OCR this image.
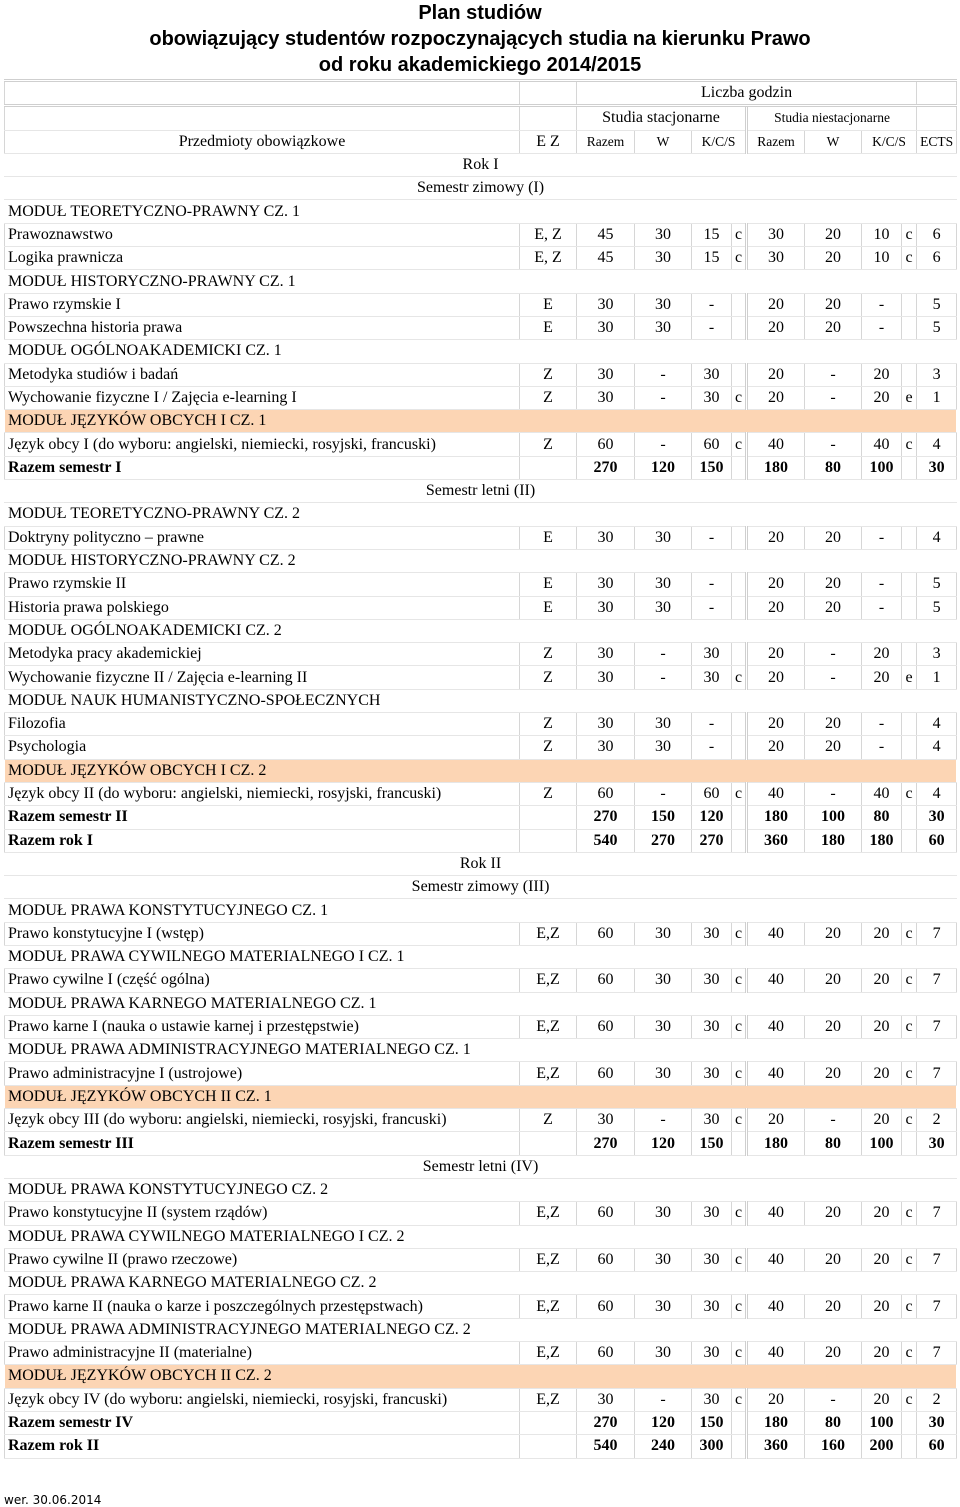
Plan studiów
obowiązujący studentów rozpoczynających studia na kierunku Prawo
od roku akademickiego 2014/2015
		Liczba godzin								
		Studia stacjonarne				Studia niestacjonarne				
Przedmioty obowiązkowe	E Z	Razem	W	K/C/S		Razem	W	K/C/S		ECTS
Rok I										
Semestr zimowy (I)										
MODUŁ TEORETYCZNO-PRAWNY CZ. 1										
Prawoznawstwo	E, Z	45	30	15	c	30	20	10	c	6
Logika prawnicza	E, Z	45	30	15	c	30	20	10	c	6
MODUŁ HISTORYCZNO-PRAWNY CZ. 1										
Prawo rzymskie I	E	30	30	-		20	20	-		5
Powszechna historia prawa	E	30	30	-		20	20	-		5
MODUŁ OGÓLNOAKADEMICKI CZ. 1										
Metodyka studiów i badań	Z	30	-	30		20	-	20		3
Wychowanie fizyczne I / Zajęcia e-learning I	Z	30	-	30	c	20	-	20	e	1
MODUŁ JĘZYKÓW OBCYCH I CZ. 1										
Język obcy I (do wyboru: angielski, niemiecki, rosyjski, francuski)	Z	60	-	60	c	40	-	40	c	4
Razem semestr I		270	120	150		180	80	100		30
Semestr letni (II)										
MODUŁ TEORETYCZNO-PRAWNY CZ. 2										
Doktryny polityczno – prawne	E	30	30	-		20	20	-		4
MODUŁ HISTORYCZNO-PRAWNY CZ. 2										
Prawo rzymskie II	E	30	30	-		20	20	-		5
Historia prawa polskiego	E	30	30	-		20	20	-		5
MODUŁ OGÓLNOAKADEMICKI CZ. 2										
Metodyka pracy akademickiej	Z	30	-	30		20	-	20		3
Wychowanie fizyczne II / Zajęcia e-learning II	Z	30	-	30	c	20	-	20	e	1
MODUŁ NAUK HUMANISTYCZNO-SPOŁECZNYCH										
Filozofia	Z	30	30	-		20	20	-		4
Psychologia	Z	30	30	-		20	20	-		4
MODUŁ JĘZYKÓW OBCYCH I CZ. 2										
Język obcy II (do wyboru: angielski, niemiecki, rosyjski, francuski)	Z	60	-	60	c	40	-	40	c	4
Razem semestr II		270	150	120		180	100	80		30
Razem rok I		540	270	270		360	180	180		60
Rok II										
Semestr zimowy (III)										
MODUŁ PRAWA KONSTYTUCYJNEGO CZ. 1										
Prawo konstytucyjne I (wstęp)	E,Z	60	30	30	c	40	20	20	c	7
MODUŁ PRAWA CYWILNEGO MATERIALNEGO I CZ. 1										
Prawo cywilne I (część ogólna)	E,Z	60	30	30	c	40	20	20	c	7
MODUŁ PRAWA KARNEGO MATERIALNEGO CZ. 1										
Prawo karne I (nauka o ustawie karnej i przestępstwie)	E,Z	60	30	30	c	40	20	20	c	7
MODUŁ PRAWA ADMINISTRACYJNEGO MATERIALNEGO CZ. 1										
Prawo administracyjne I (ustrojowe)	E,Z	60	30	30	c	40	20	20	c	7
MODUŁ JĘZYKÓW OBCYCH II CZ. 1										
Język obcy III (do wyboru: angielski, niemiecki, rosyjski, francuski)	Z	30	-	30	c	20	-	20	c	2
Razem semestr III		270	120	150		180	80	100		30
Semestr letni (IV)										
MODUŁ PRAWA KONSTYTUCYJNEGO CZ. 2										
Prawo konstytucyjne II (system rządów)	E,Z	60	30	30	c	40	20	20	c	7
MODUŁ PRAWA CYWILNEGO MATERIALNEGO I CZ. 2										
Prawo cywilne II (prawo rzeczowe)	E,Z	60	30	30	c	40	20	20	c	7
MODUŁ PRAWA KARNEGO MATERIALNEGO CZ. 2										
Prawo karne II (nauka o karze i poszczególnych przestępstwach)	E,Z	60	30	30	c	40	20	20	c	7
MODUŁ PRAWA ADMINISTRACYJNEGO MATERIALNEGO CZ. 2										
Prawo administracyjne II (materialne)	E,Z	60	30	30	c	40	20	20	c	7
MODUŁ JĘZYKÓW OBCYCH II CZ. 2										
Język obcy IV (do wyboru: angielski, niemiecki, rosyjski, francuski)	E,Z	30	-	30	c	20	-	20	c	2
Razem semestr IV		270	120	150		180	80	100		30
Razem rok II		540	240	300		360	160	200		60
wer. 30.06.2014
